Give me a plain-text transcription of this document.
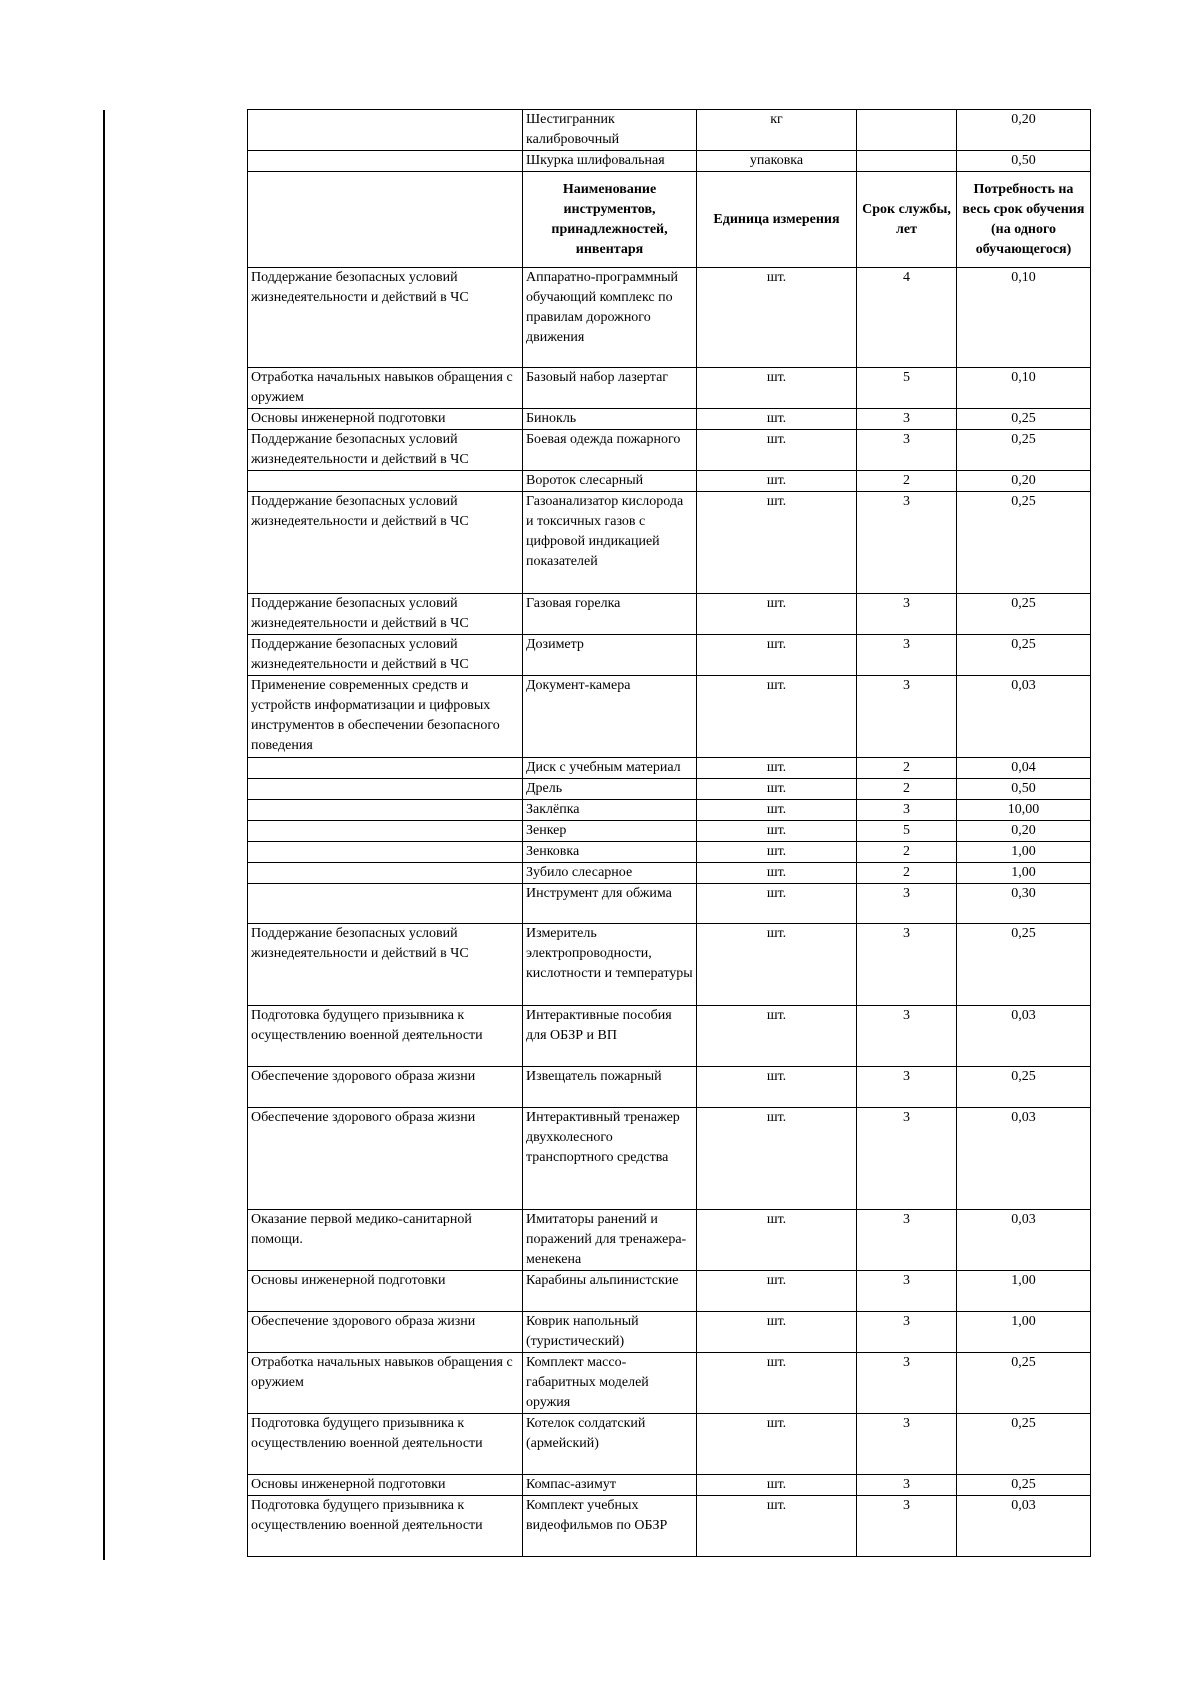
	Шестигранник калибровочный	кг		0,20
	Шкурка шлифовальная	упаковка		0,50
	Наименование инструментов, принадлежностей, инвентаря	Единица измерения	Срок службы, лет	Потребность на весь срок обучения (на одного обучающегося)
Поддержание безопасных условий жизнедеятельности и действий в ЧС	Аппаратно-программный обучающий комплекс по правилам дорожного движения	шт.	4	0,10
Отработка начальных навыков обращения с оружием	Базовый набор лазертаг	шт.	5	0,10
Основы инженерной подготовки	Бинокль	шт.	3	0,25
Поддержание безопасных условий жизнедеятельности и действий в ЧС	Боевая одежда пожарного	шт.	3	0,25
	Вороток слесарный	шт.	2	0,20
Поддержание безопасных условий жизнедеятельности и действий в ЧС	Газоанализатор кислорода и токсичных газов с цифровой индикацией показателей	шт.	3	0,25
Поддержание безопасных условий жизнедеятельности и действий в ЧС	Газовая горелка	шт.	3	0,25
Поддержание безопасных условий жизнедеятельности и действий в ЧС	Дозиметр	шт.	3	0,25
Применение современных средств и устройств информатизации и цифровых инструментов в обеспечении безопасного поведения	Документ-камера	шт.	3	0,03
	Диск с учебным материал	шт.	2	0,04
	Дрель	шт.	2	0,50
	Заклёпка	шт.	3	10,00
	Зенкер	шт.	5	0,20
	Зенковка	шт.	2	1,00
	Зубило слесарное	шт.	2	1,00
	Инструмент для обжима	шт.	3	0,30
Поддержание безопасных условий жизнедеятельности и действий в ЧС	Измеритель электропроводности, кислотности и температуры	шт.	3	0,25
Подготовка будущего призывника к осуществлению военной деятельности	Интерактивные пособия для ОБЗР и ВП	шт.	3	0,03
Обеспечение здорового образа жизни	Извещатель пожарный	шт.	3	0,25
Обеспечение здорового образа жизни	Интерактивный тренажер двухколесного транспортного средства	шт.	3	0,03
Оказание первой медико-санитарной помощи.	Имитаторы ранений и поражений для тренажера-менекена	шт.	3	0,03
Основы инженерной подготовки	Карабины альпинистские	шт.	3	1,00
Обеспечение здорового образа жизни	Коврик напольный (туристический)	шт.	3	1,00
Отработка начальных навыков обращения с оружием	Комплект массо-габаритных моделей оружия	шт.	3	0,25
Подготовка будущего призывника к осуществлению военной деятельности	Котелок солдатский (армейский)	шт.	3	0,25
Основы инженерной подготовки	Компас-азимут	шт.	3	0,25
Подготовка будущего призывника к осуществлению военной деятельности	Комплект учебных видеофильмов по ОБЗР	шт.	3	0,03
